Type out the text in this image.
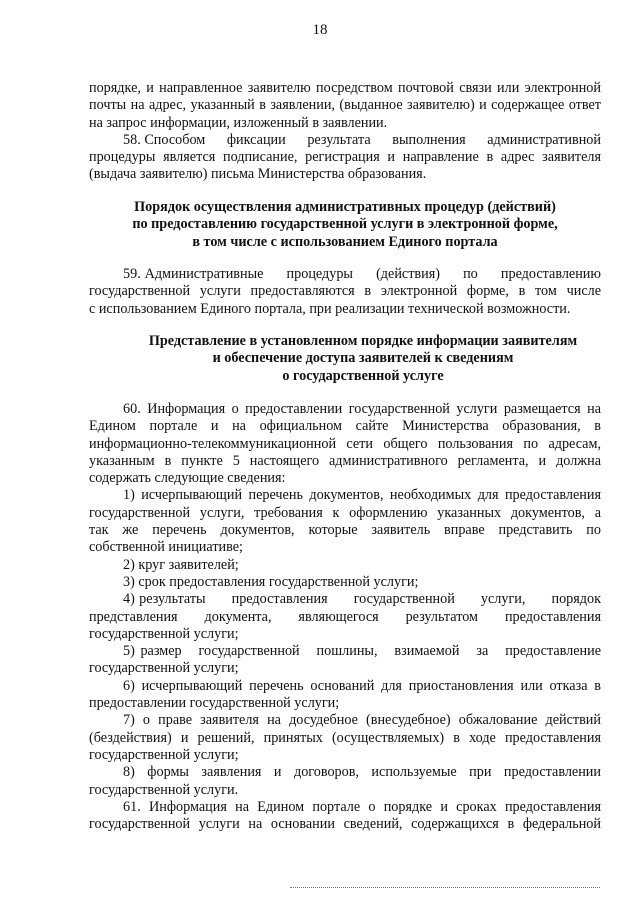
18
порядке, и направленное заявителю посредством почтовой связи или электронной
почты на адрес, указанный в заявлении, (выданное заявителю) и содержащее ответ
на запрос информации, изложенный в заявлении.
58. Способом      фиксации      результата      выполнения      административной
процедуры является подписание, регистрация и направление в адрес заявителя
(выдача заявителю) письма Министерства образования.
Порядок осуществления административных процедур (действий)
по предоставлению государственной услуги в электронной форме,
в том числе с использованием Единого портала
59. Административные      процедуры      (действия)      по      предоставлению
государственной услуги предоставляются в электронной форме, в том числе
с использованием Единого портала, при реализации технической возможности.
Представление в установленном порядке информации заявителям
и обеспечение доступа заявителей к сведениям
о государственной услуге
60. Информация о предоставлении государственной услуги размещается на
Едином портале и на официальном сайте Министерства образования, в
информационно-телекоммуникационной сети общего пользования по адресам,
указанным в пункте 5 настоящего административного регламента, и должна
содержать следующие сведения:
1) исчерпывающий перечень документов, необходимых для предоставления
государственной услуги, требования к оформлению указанных документов, а
так же перечень документов, которые заявитель вправе представить по
собственной инициативе;
2) круг заявителей;
3) срок предоставления государственной услуги;
4) результаты      предоставления      государственной      услуги,      порядок
представления      документа,      являющегося      результатом      предоставления
государственной услуги;
5) размер   государственной   пошлины,   взимаемой   за   предоставление
государственной услуги;
6) исчерпывающий перечень оснований для приостановления или отказа в
предоставлении государственной услуги;
7) о праве заявителя на досудебное (внесудебное) обжалование действий
(бездействия) и решений, принятых (осуществляемых) в ходе предоставления
государственной услуги;
8) формы заявления и договоров, используемые при предоставлении
государственной услуги.
61. Информация на Едином портале о порядке и сроках предоставления
государственной услуги на основании сведений, содержащихся в федеральной
